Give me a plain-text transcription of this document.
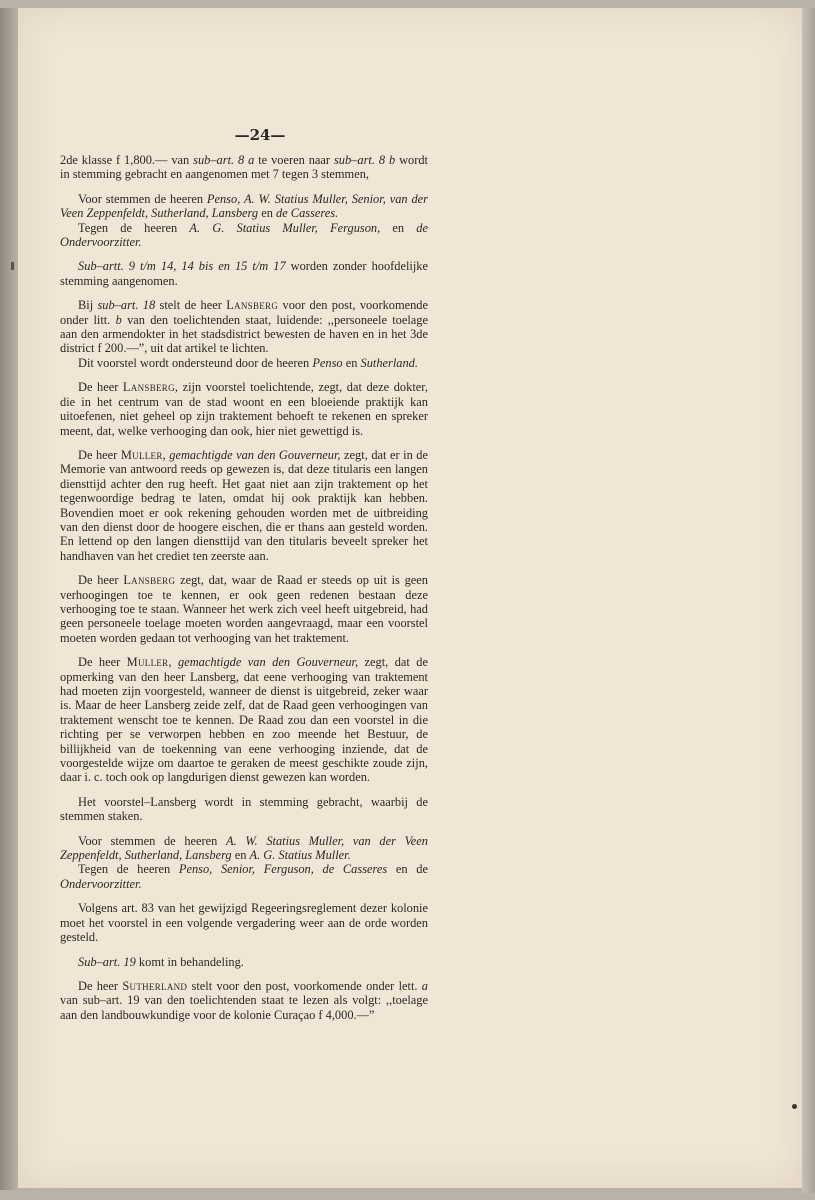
—24—

2de klasse f 1,800.— van sub–art. 8 a te voeren naar sub–art. 8 b wordt in stemming gebracht en aangenomen met 7 tegen 3 stemmen,

Voor stemmen de heeren Penso, A. W. Statius Muller, Senior, van der Veen Zeppenfeldt, Sutherland, Lansberg en de Casseres.

Tegen de heeren A. G. Statius Muller, Ferguson, en de Ondervoorzitter.

Sub–artt. 9 t/m 14, 14 bis en 15 t/m 17 worden zonder hoofdelijke stemming aangenomen.

Bij sub–art. 18 stelt de heer Lansberg voor den post, voorkomende onder litt. b van den toelichtenden staat, luidende: ,,personeele toelage aan den armendokter in het stadsdistrict bewesten de haven en in het 3de district f 200.—”, uit dat artikel te lichten.

Dit voorstel wordt ondersteund door de heeren Penso en Sutherland.

De heer Lansberg, zijn voorstel toelichtende, zegt, dat deze dokter, die in het centrum van de stad woont en een bloeiende praktijk kan uitoefenen, niet geheel op zijn traktement behoeft te rekenen en spreker meent, dat, welke verhooging dan ook, hier niet gewettigd is.

De heer Muller, gemachtigde van den Gouverneur, zegt, dat er in de Memorie van antwoord reeds op gewezen is, dat deze titularis een langen diensttijd achter den rug heeft. Het gaat niet aan zijn traktement op het tegenwoordige bedrag te laten, omdat hij ook praktijk kan hebben. Bovendien moet er ook rekening gehouden worden met de uitbreiding van den dienst door de hoogere eischen, die er thans aan gesteld worden. En lettend op den langen diensttijd van den titularis beveelt spreker het handhaven van het crediet ten zeerste aan.

De heer Lansberg zegt, dat, waar de Raad er steeds op uit is geen verhoogingen toe te kennen, er ook geen redenen bestaan deze verhooging toe te staan. Wanneer het werk zich veel heeft uitgebreid, had geen personeele toelage moeten worden aangevraagd, maar een voorstel moeten worden gedaan tot verhooging van het traktement.

De heer Muller, gemachtigde van den Gouverneur, zegt, dat de opmerking van den heer Lansberg, dat eene verhooging van traktement had moeten zijn voorgesteld, wanneer de dienst is uitgebreid, zeker waar is. Maar de heer Lansberg zeide zelf, dat de Raad geen verhoogingen van traktement wenscht toe te kennen. De Raad zou dan een voorstel in die richting per se verworpen hebben en zoo meende het Bestuur, de billijkheid van de toekenning van eene verhooging inziende, dat de voorgestelde wijze om daartoe te geraken de meest geschikte zoude zijn, daar i. c. toch ook op langdurigen dienst gewezen kan worden.

Het voorstel–Lansberg wordt in stemming gebracht, waarbij de stemmen staken.

Voor stemmen de heeren A. W. Statius Muller, van der Veen Zeppenfeldt, Sutherland, Lansberg en A. G. Statius Muller.

Tegen de heeren Penso, Senior, Ferguson, de Casseres en de Ondervoorzitter.

Volgens art. 83 van het gewijzigd Regeeringsreglement dezer kolonie moet het voorstel in een volgende vergadering weer aan de orde worden gesteld.

Sub–art. 19 komt in behandeling.

De heer Sutherland stelt voor den post, voorkomende onder lett. a van sub–art. 19 van den toelichtenden staat te lezen als volgt: ,,toelage aan den landbouwkundige voor de kolonie Curaçao f 4,000.—”
